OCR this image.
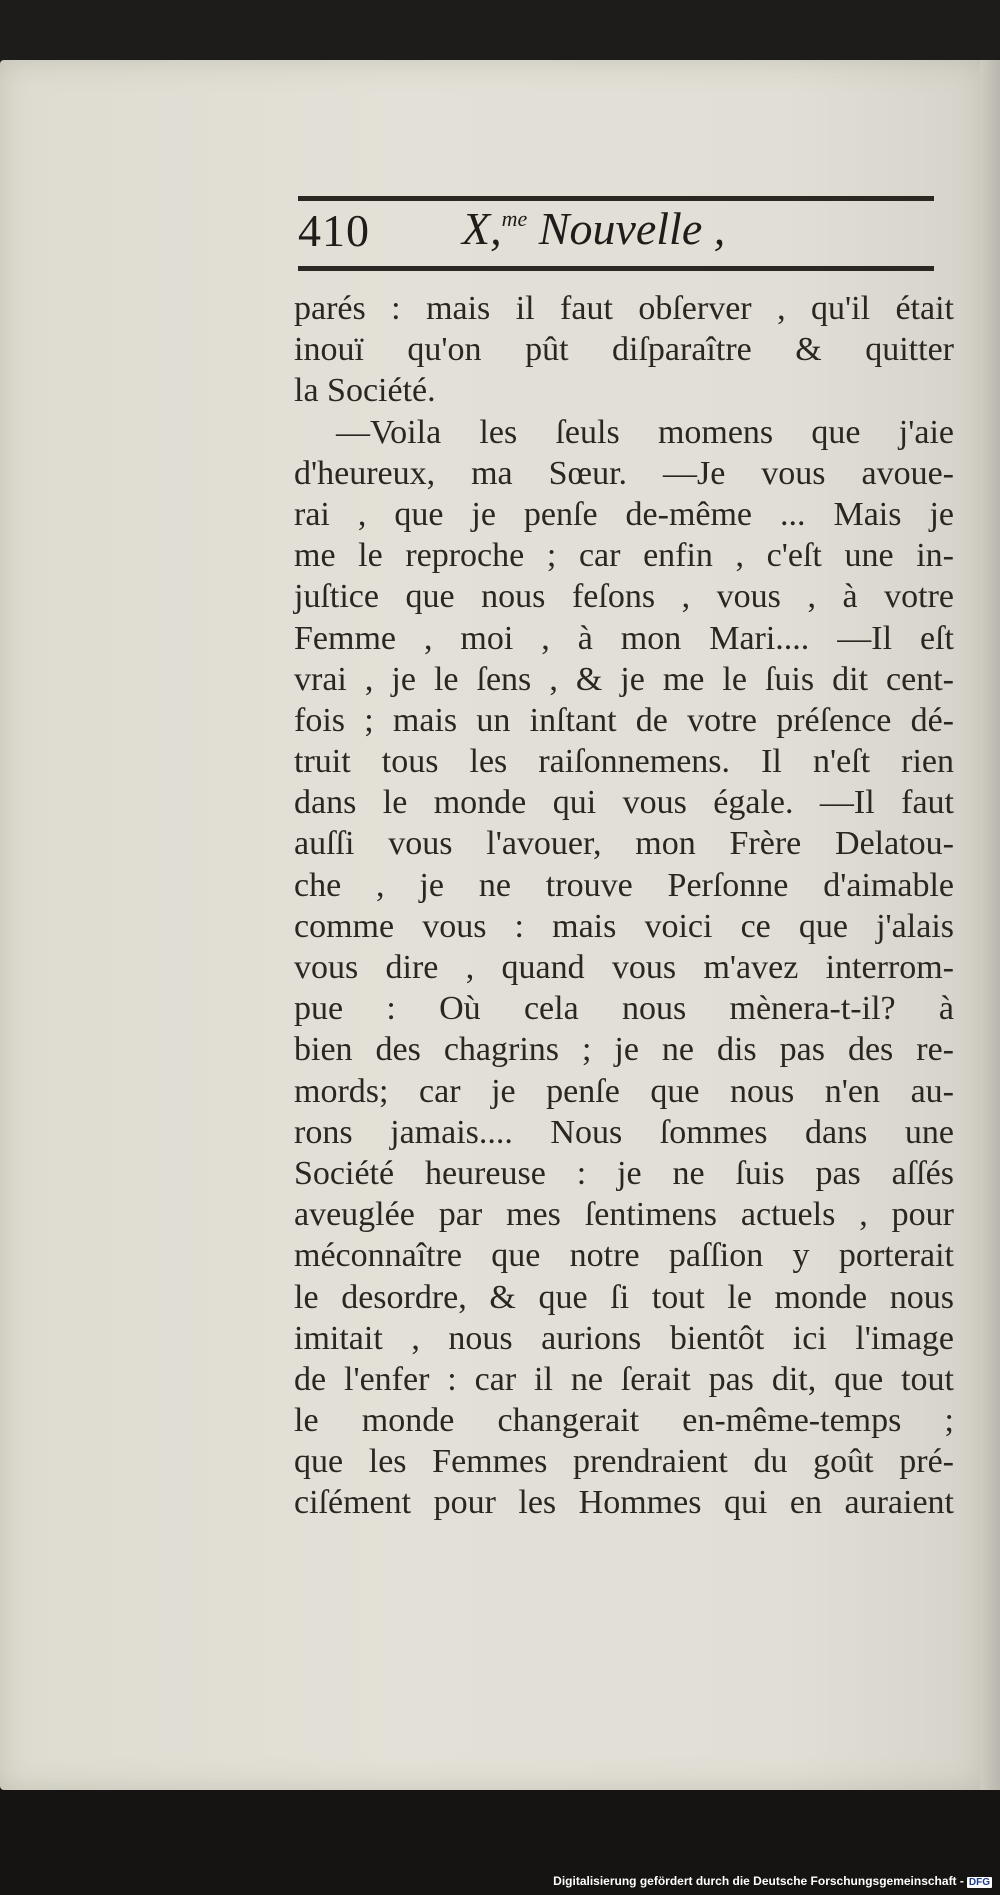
410 X,$^{me}$ Nouvelle ,
parés : mais il faut obſerver , qu'il était
inouï qu'on pût diſparaître & quitter
la Société.
—Voila les ſeuls momens que j'aie
d'heureux, ma Sœur. —Je vous avoue-
rai , que je penſe de-même ... Mais je
me le reproche ; car enfin , c'eſt une in-
juſtice que nous feſons , vous , à votre
Femme , moi , à mon Mari.... —Il eſt
vrai , je le ſens , & je me le ſuis dit cent-
fois ; mais un inſtant de votre préſence dé-
truit tous les raiſonnemens. Il n'eſt rien
dans le monde qui vous égale. —Il faut
auſſi vous l'avouer, mon Frère Delatou-
che , je ne trouve Perſonne d'aimable
comme vous : mais voici ce que j'alais
vous dire , quand vous m'avez interrom-
pue : Où cela nous mènera-t-il? à
bien des chagrins ; je ne dis pas des re-
mords; car je penſe que nous n'en au-
rons jamais.... Nous ſommes dans une
Société heureuse : je ne ſuis pas aſſés
aveuglée par mes ſentimens actuels , pour
méconnaître que notre paſſion y porterait
le desordre, & que ſi tout le monde nous
imitait , nous aurions bientôt ici l'image
de l'enfer : car il ne ſerait pas dit, que tout
le monde changerait en-même-temps ;
que les Femmes prendraient du goût pré-
ciſément pour les Hommes qui en auraient
Digitalisierung gefördert durch die Deutsche Forschungsgemeinschaft - DFG
